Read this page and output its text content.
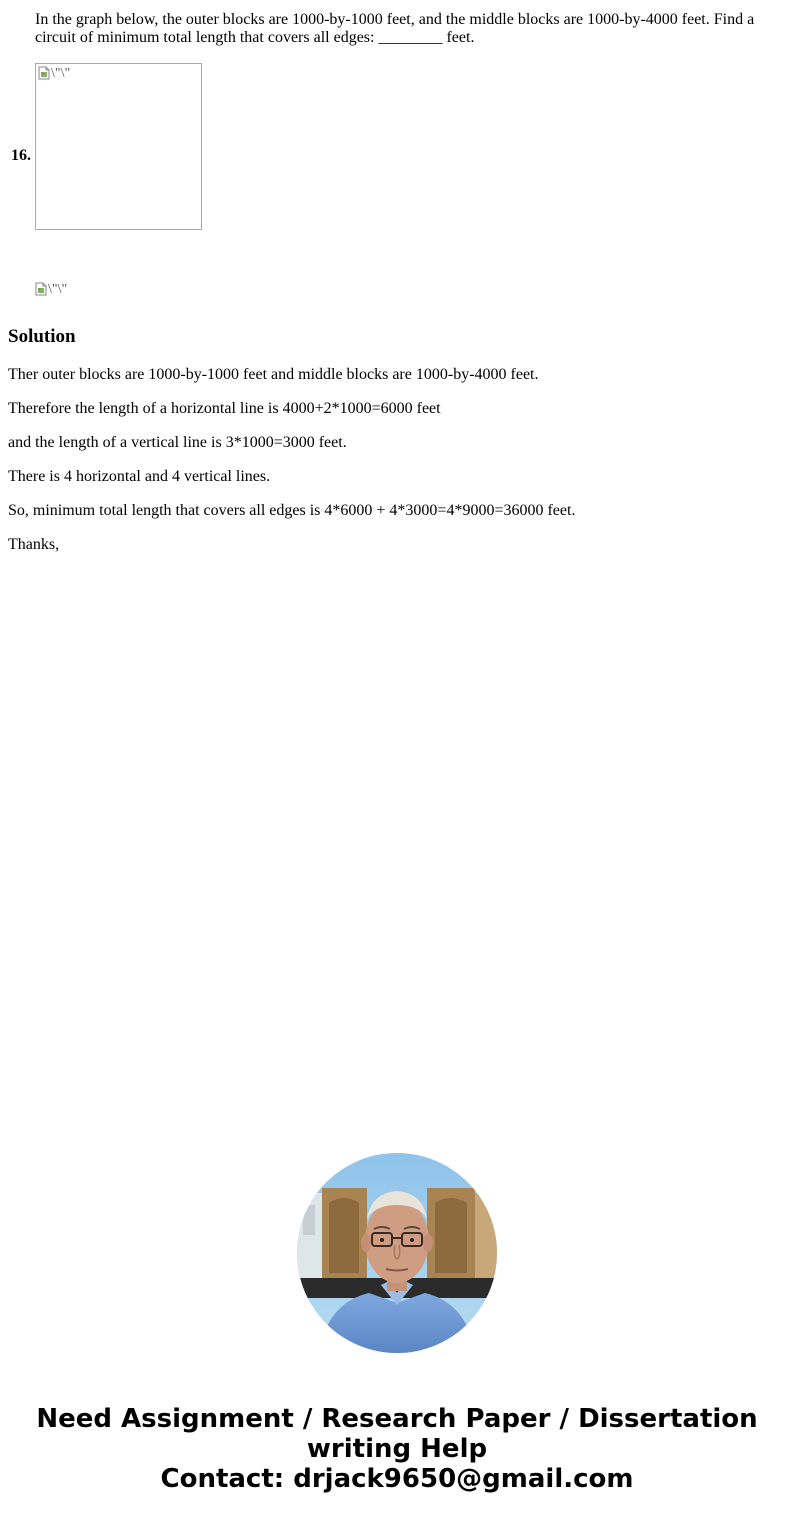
16.
In the graph below, the outer blocks are 1000-by-1000 feet, and the middle blocks are 1000-by-4000 feet. Find a circuit of minimum total length that covers all edges: ________ feet.
\"\"
\"\"
Solution

Ther outer blocks are 1000-by-1000 feet and middle blocks are 1000-by-4000 feet.

Therefore the length of a horizontal line is 4000+2*1000=6000 feet

and the length of a vertical line is 3*1000=3000 feet.

There is 4 horizontal and 4 vertical lines.

So, minimum total length that covers all edges is 4*6000 + 4*3000=4*9000=36000 feet.

Thanks,

Need Assignment / Research Paper / Dissertation
writing Help
Contact: drjack9650@gmail.com
